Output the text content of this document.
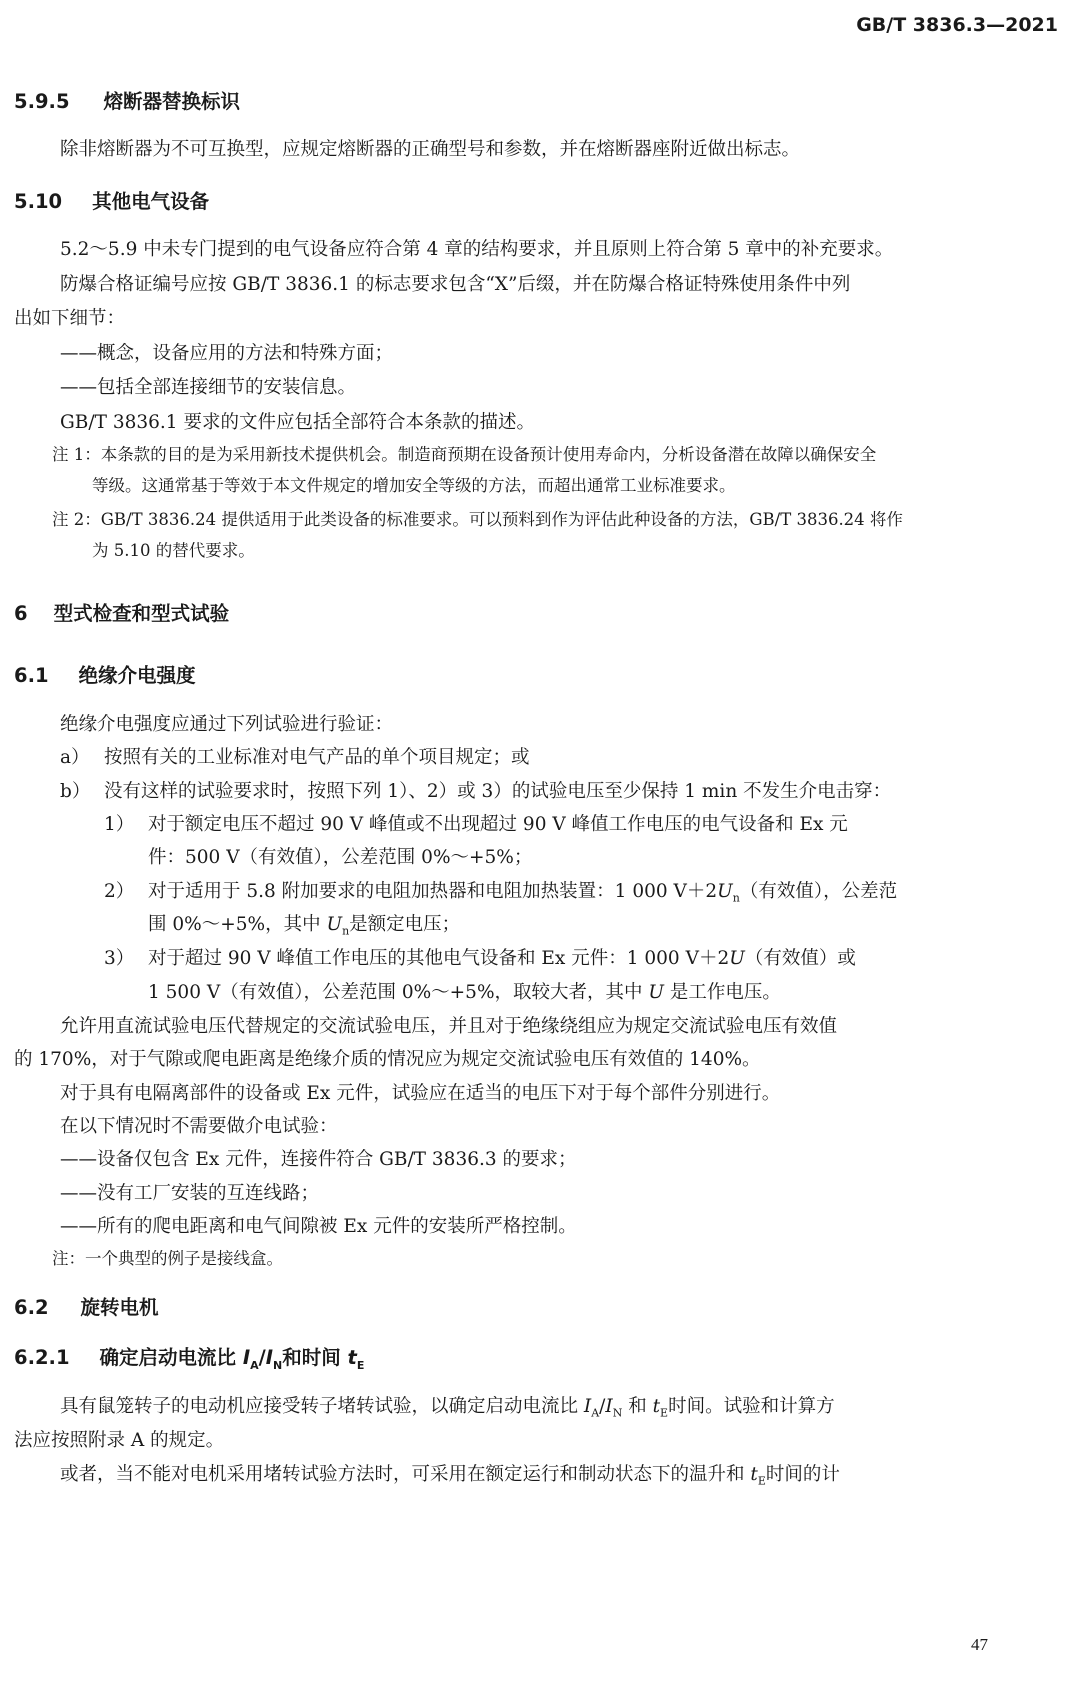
GB/T 3836.3—2021
5.9.5 熔断器替换标识
除非熔断器为不可互换型，应规定熔断器的正确型号和参数，并在熔断器座附近做出标志。
5.10 其他电气设备
5.2～5.9 中未专门提到的电气设备应符合第 4 章的结构要求，并且原则上符合第 5 章中的补充要求。
防爆合格证编号应按 GB/T 3836.1 的标志要求包含“X”后缀，并在防爆合格证特殊使用条件中列
出如下细节：
——概念，设备应用的方法和特殊方面；
——包括全部连接细节的安装信息。
GB/T 3836.1 要求的文件应包括全部符合本条款的描述。
注 1：本条款的目的是为采用新技术提供机会。制造商预期在设备预计使用寿命内，分析设备潜在故障以确保安全
等级。这通常基于等效于本文件规定的增加安全等级的方法，而超出通常工业标准要求。
注 2：GB/T 3836.24 提供适用于此类设备的标准要求。可以预料到作为评估此种设备的方法，GB/T 3836.24 将作
为 5.10 的替代要求。
6 型式检查和型式试验
6.1 绝缘介电强度
绝缘介电强度应通过下列试验进行验证：
a） 按照有关的工业标准对电气产品的单个项目规定；或
b） 没有这样的试验要求时，按照下列 1）、2）或 3）的试验电压至少保持 1 min 不发生介电击穿：
1） 对于额定电压不超过 90 V 峰值或不出现超过 90 V 峰值工作电压的电气设备和 Ex 元
件：500 V（有效值），公差范围 0%～+5%；
2） 对于适用于 5.8 附加要求的电阻加热器和电阻加热装置：1 000 $V+2U_n$（有效值），公差范
围 0%～+5%，其中 $U_n$是额定电压；
3） 对于超过 90 V 峰值工作电压的其他电气设备和 Ex 元件：1 000 V＋2U（有效值）或
1 500 V（有效值），公差范围 0%～+5%，取较大者，其中 U 是工作电压。
允许用直流试验电压代替规定的交流试验电压，并且对于绝缘绕组应为规定交流试验电压有效值
的 170%，对于气隙或爬电距离是绝缘介质的情况应为规定交流试验电压有效值的 140%。
对于具有电隔离部件的设备或 Ex 元件，试验应在适当的电压下对于每个部件分别进行。
在以下情况时不需要做介电试验：
——设备仅包含 Ex 元件，连接件符合 GB/T 3836.3 的要求；
——没有工厂安装的互连线路；
——所有的爬电距离和电气间隙被 Ex 元件的安装所严格控制。
注：一个典型的例子是接线盒。
6.2 旋转电机
6.2.1 确定启动电流比 $I_A/I_N$和时间 $t_E$
具有鼠笼转子的电动机应接受转子堵转试验，以确定启动电流比 $I_A/I_N$ 和 $t_E$时间。试验和计算方
法应按照附录 A 的规定。
或者，当不能对电机采用堵转试验方法时，可采用在额定运行和制动状态下的温升和 $t_E$时间的计
47
